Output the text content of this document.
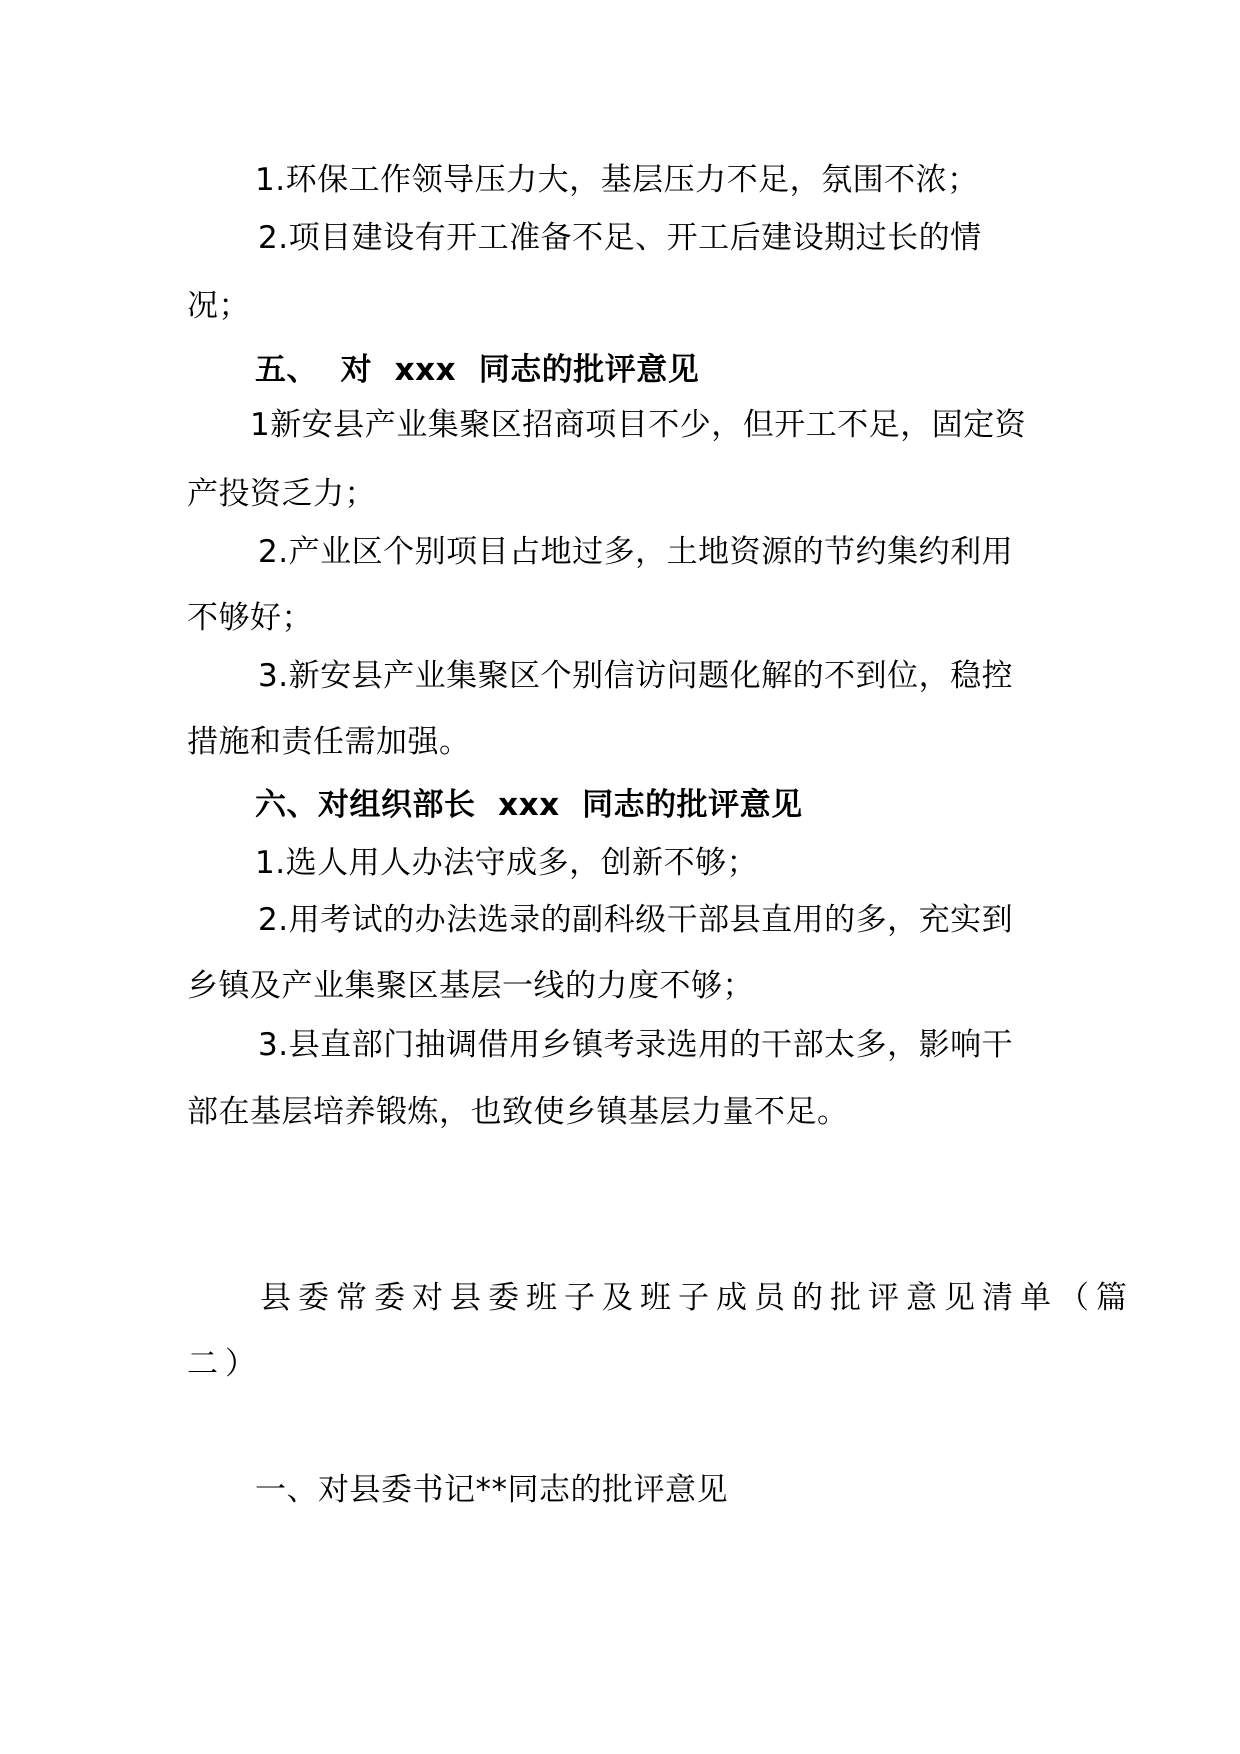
1.环保工作领导压力大，基层压力不足，氛围不浓；
2.项目建设有开工准备不足、开工后建设期过长的情
况；
五、  对  xxx  同志的批评意见
1新安县产业集聚区招商项目不少，但开工不足，固定资
产投资乏力；
2.产业区个别项目占地过多，土地资源的节约集约利用
不够好；
3.新安县产业集聚区个别信访问题化解的不到位，稳控
措施和责任需加强。
六、对组织部长  xxx  同志的批评意见
1.选人用人办法守成多，创新不够；
2.用考试的办法选录的副科级干部县直用的多，充实到
乡镇及产业集聚区基层一线的力度不够；
3.县直部门抽调借用乡镇考录选用的干部太多，影响干
部在基层培养锻炼，也致使乡镇基层力量不足。
县委常委对县委班子及班子成员的批评意见清单（篇
二）
一、对县委书记**同志的批评意见
